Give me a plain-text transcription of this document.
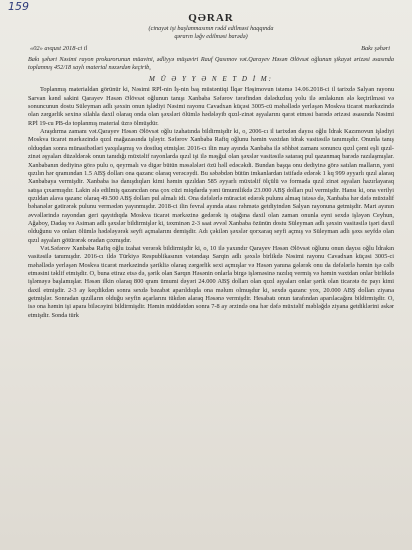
159
QƏRAR
(cinayət işi başlanmasının rədd edilməsi haqqında
qərarın ləğv edilməsi barədə)
«02» avqust 2018-ci il	Bakı şəhəri
Bakı şəhəri Nəsimi rayon prokurorunun müavini, ədliyyə müşaviri Rauf Qasımov vət.Qarayev Həsən Əlövsət oğlunun şikayət ərizəsi əsasında toplanmış 452/18 saylı material nəzərdən keçirib,
M Ü Ə Y Y Ə N E T D İ M:

Toplanmış materialdan görünür ki, Nəsimi RPİ-nin İş-nin baş müstəntiqi İlqar Həşimovun istəmə 14.06.2018-ci il tarixdə Salyan rayonu Sarvan kənd sakini Qarayev Həsən Əlövsət oğlunun tanışı Xanbaba Səfərov tərəfindən dələduzluq yolu ilə əmlakının ələ keçirilməsi və sonuncunun dostu Süleyman adlı şəxsin onun işlədiyi Nəsimi rayonu Cavadxan küçəsi 3005-cü məhəllədə yerləşən Moskva ticarət mərkəzində olan zərgərlik sexinə silahla daxil olaraq onda olan şəxsləri ölümlə hədələyib qızıl-zinət əşyalarını qarət etməsi barədə ərizəsi əsasında Nəsimi RPİ 19-cu PB-də toplanmış material üzrə ölmüşdür.

Araşdırma zamanı vət.Qarayev Həsən Əlövsət oğlu izahatında bildirmişdir ki, o, 2006-cı il tarixdən dayısı oğlu İdrak Kazımovun işlədiyi Moskva ticarət mərkəzində qızıl mağazasında işləyir. Səfərov Xanbaba Rafiq oğlunu həmin vaxtdan idrak vasitəsilə tanımışdır. Onunla tanış olduqdan sonra münasibətləri yaxşılaşmış və dostluq etmişlər. 2016-cı ilin may ayında Xanbaba ilə söhbət zamanı sonuncu qızıl çəmi eşli qızıl-zinət əşyaları düzəldərək onun tanıdığı müxtəlif rayonlarda qızıl işi ilə məşğul olan şəxslər vasitəsilə sataraq pul qazanmaq barədə razılaşmışlar. Xanbabanın dediyinə görə pulu o, qeyrmalı və digər bütün məsələləri özü həll edəcəkdi. Bundan başqa onu dediyinə görə satılan malların, yəni qızılın hər qramından 1.5 ABŞ dolları ona qazanc olaraq verəcəydi. Bu səbəbdən bütün imkanlardan istifadə edərək 1 kq 999 əyyarlı qızıl alaraq Xanbabaya vermişdir. Xanbaba isə danışdıqları kimi həmin qızıldan 585 əyyarlı müxtəlif ölçülü və formada qızıl zinət əşyaları hazırlayaraq satışa çıxarmışdır. Lakin ələ edilmiş qazancdan ona çox cüzi miqdarda yəni ümumilikdə 23.000 ABŞ dolları pul vermişdir. Hansı ki, ona verilyi qızıldan alava qazanc olaraq 49.500 ABŞ dolları pul almalı idi. Ona dəfələrlə müraciət edərək pulunu almaq istəsə də, Xanbaba hər dəfə müxtəlif bəhanələr gətirərək pulunu vermədən yayınmışdır. 2018-ci ilin fevral ayında atası rəhmətə getdiyindən Salyan rayonuna getmişdir. Mart ayının əvvəllərində rayondan geri qayıtdıqda Moskva ticarət mərkəzinə gedərək iş otağına daxil olan zaman onunla eyni sexdə işləyən Ceyhun, Ağaboy, Dadaş və Asiman adlı şəxslər bildirmişlər ki, təxminən 2-3 saat əvvəl Xanbaba özünün dostu Süleyman adlı şəxsin vasitəsilə işəri daxil olduğunu və onları ölümlə hədələyərək seyfi açmalarını demişdir. Adı çəkilən şəxslər qorxaraq seyfi açmış və Süleyman adlı şəxs seyfdə olan qızıl əşyaları götürərək oradan çıxmışdır.

Vət.Səfərov Xanbaba Rafiq oğlu izahat verərək bildirmişdir ki, o, 10 ilə yaxındır Qarayev Həsən Əlövsət oğlunu onun dayısı oğlu İdrakın vasitəsilə tanımışdır. 2016-cı ildə Türkiyə Respublikasının vətəndaşı Sarqin adlı şəxslə birlikdə Nəsimi rayonu Cavadxan küçəsi 3005-ci məhəllədə yerləşən Moskva ticarət mərkəzində şərikliə olaraq zərgərlik sexi açmışlar və Həsən yanına gələrək onu da dəfələrlə həmin işə cəlb etməsini təklif etmişdir. O, buna etiraz etsə də, şərik olan Sarqın Həsənin onlarla birgə işləməsinə razılıq vermiş və həmin vaxtdan onlar birlikdə işləməyə başlamışlar. Həsən ilkin olaraq 800 qram ümumi dəyəri 24.000 ABŞ dolları olan qızıl əşyaları onlar şərik olan ticarətə öz payı kimi daxil etmişdir. 2-3 ay keçdikdən sonra sexdə bəzabət aparıldıqda ona məlum olmuşdur ki, sexdə qazanc yox, 20.000 ABŞ dolları ziyana getmişlər. Sonradan qızılların olduğu seyfin açarlarını tükdən alaraq Həsənə vermişdir. Hesabatı onun tarafından aparılacağını bildirmişdir. O, isə ona həmin işi apara biləcəyini bildirmişdir. Həmin müddətdən sonra 7-8 ay ərzində ona hər dəfə müxtəlif məbləğdə ziyana getdiklərini əskər etmişdir. Sonda türk
